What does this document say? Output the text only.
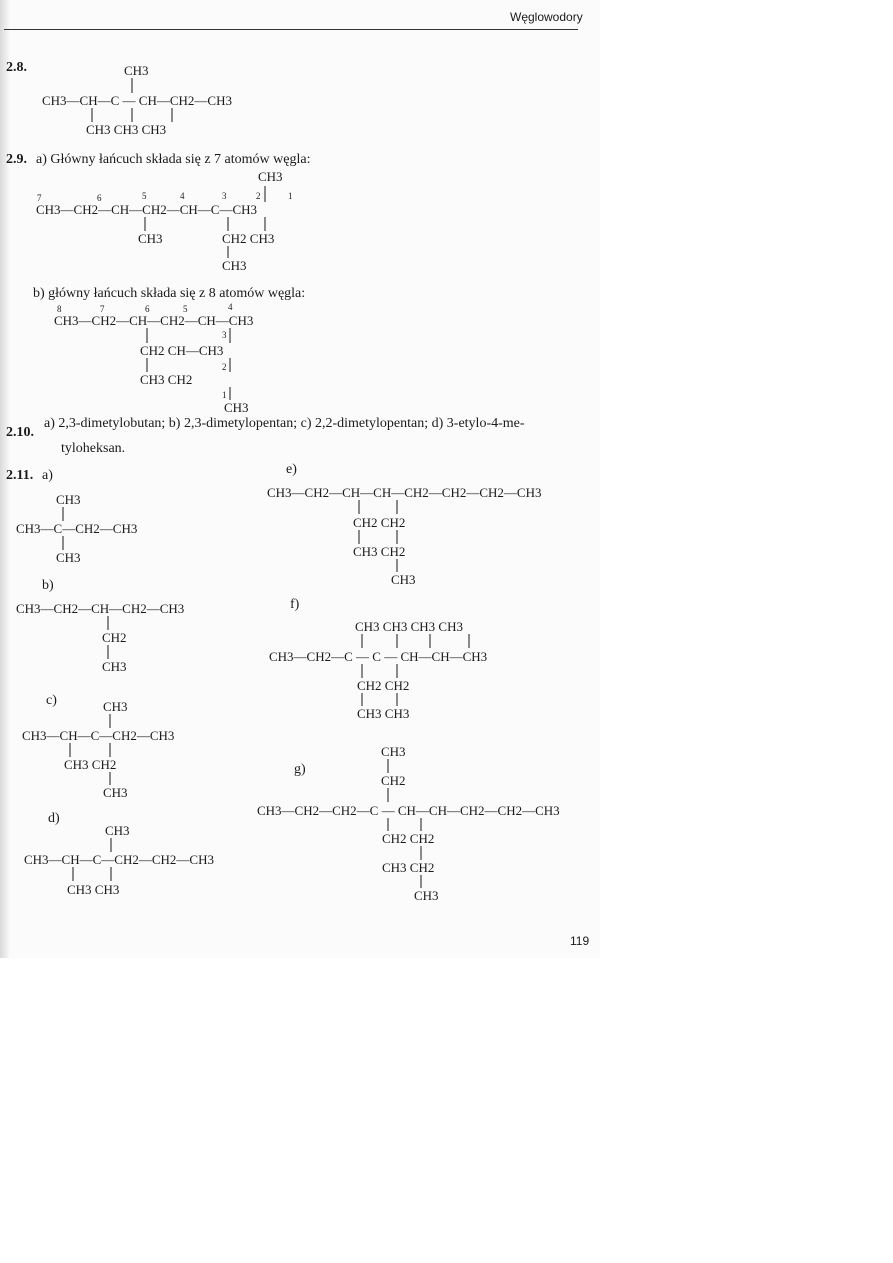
Węglowodory
2.8.
2.9. a) Główny łańcuch składa się z 7 atomów węgla:
b) główny łańcuch składa się z 8 atomów węgla:
2.10.
a) 2,3-dimetylobutan; b) 2,3-dimetylopentan; c) 2,2-dimetylopentan; d) 3-etylo-4-me-
tyloheksan.
2.11. a)
b)
c)
d)
e)
f)
g)
CH3
CH3—CH—C — CH—CH2—CH3
CH3 CH3 CH3
CH3
7	6	5	4	3	2	1
CH3—CH2—CH—CH2—CH—C—CH3
CH3	CH2 CH3
CH3
8	7	6	5	4
3
2
1
CH3—CH2—CH—CH2—CH—CH3
CH2 CH—CH3
CH3 CH2
CH3
CH3
CH3—C—CH2—CH3
CH3
CH3—CH2—CH—CH2—CH3
CH2
CH3
CH3
CH3—CH—C—CH2—CH3
CH3 CH2
CH3
CH3
CH3—CH—C—CH2—CH2—CH3
CH3 CH3
CH3—CH2—CH—CH—CH2—CH2—CH2—CH3
CH2 CH2
CH3 CH2
CH3
CH3 CH3 CH3 CH3
CH3—CH2—C — C — CH—CH—CH3
CH2 CH2
CH3 CH3
CH3
CH2
CH3—CH2—CH2—C — CH—CH—CH2—CH2—CH3
CH2 CH2
CH3 CH2
CH3
119
